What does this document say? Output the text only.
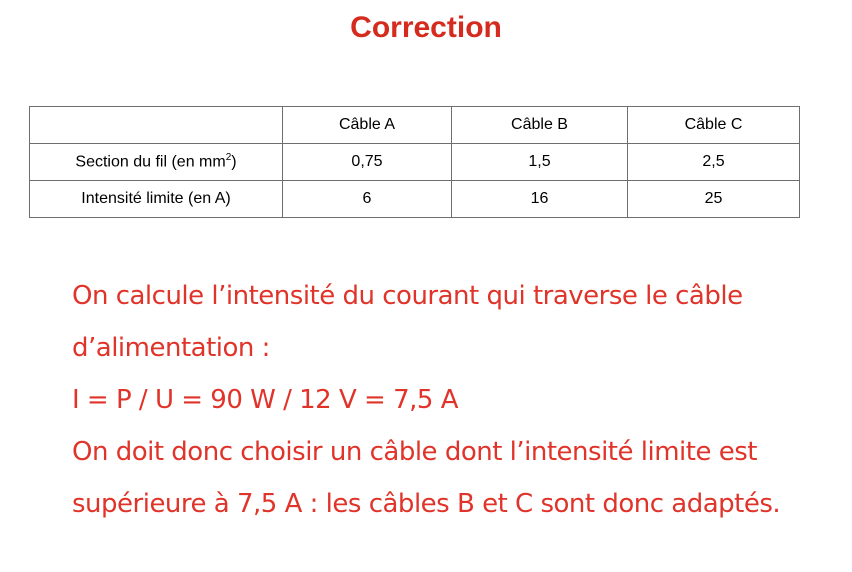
Correction
	Câble A	Câble B	Câble C
Section du fil (en $mm^2$)	0,75	1,5	2,5
Intensité limite (en A)	6	16	25
On calcule l’intensité du courant qui traverse le câble
d’alimentation :
I = P / U = 90 W / 12 V = 7,5 A
On doit donc choisir un câble dont l’intensité limite est
supérieure à 7,5 A : les câbles B et C sont donc adaptés.
